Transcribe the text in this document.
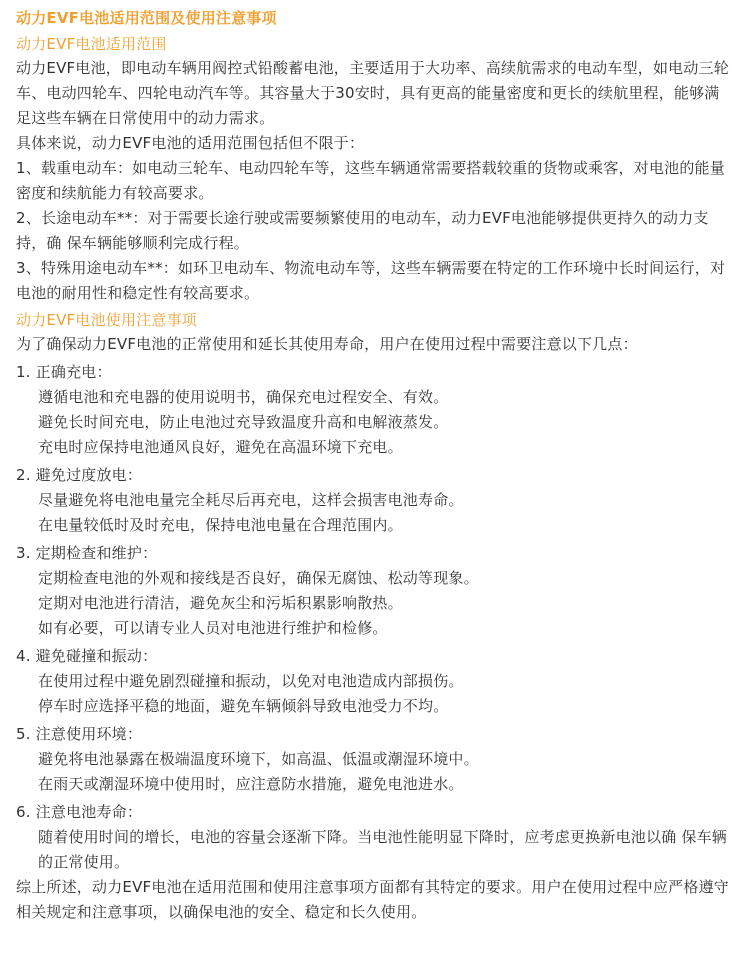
动力EVF电池适用范围及使用注意事项

动力EVF电池适用范围

动力EVF电池，即电动车辆用阀控式铅酸蓄电池，主要适用于大功率、高续航需求的电动车型，如电动三轮车、电动四轮车、四轮电动汽车等。其容量大于30安时，具有更高的能量密度和更长的续航里程，能够满足这些车辆在日常使用中的动力需求。

具体来说，动力EVF电池的适用范围包括但不限于：

1、载重电动车：如电动三轮车、电动四轮车等，这些车辆通常需要搭载较重的货物或乘客，对电池的能量密度和续航能力有较高要求。

2、长途电动车**：对于需要长途行驶或需要频繁使用的电动车，动力EVF电池能够提供更持久的动力支持，确 保车辆能够顺利完成行程。

3、特殊用途电动车**：如环卫电动车、物流电动车等，这些车辆需要在特定的工作环境中长时间运行，对电池的耐用性和稳定性有较高要求。

动力EVF电池使用注意事项

为了确保动力EVF电池的正常使用和延长其使用寿命，用户在使用过程中需要注意以下几点：

1. 正确充电：

遵循电池和充电器的使用说明书，确保充电过程安全、有效。

避免长时间充电，防止电池过充导致温度升高和电解液蒸发。

充电时应保持电池通风良好，避免在高温环境下充电。

2. 避免过度放电：

尽量避免将电池电量完全耗尽后再充电，这样会损害电池寿命。

在电量较低时及时充电，保持电池电量在合理范围内。

3. 定期检查和维护：

定期检查电池的外观和接线是否良好，确保无腐蚀、松动等现象。

定期对电池进行清洁，避免灰尘和污垢积累影响散热。

如有必要，可以请专业人员对电池进行维护和检修。

4. 避免碰撞和振动：

在使用过程中避免剧烈碰撞和振动，以免对电池造成内部损伤。

停车时应选择平稳的地面，避免车辆倾斜导致电池受力不均。

5. 注意使用环境：

避免将电池暴露在极端温度环境下，如高温、低温或潮湿环境中。

在雨天或潮湿环境中使用时，应注意防水措施，避免电池进水。

6. 注意电池寿命：

随着使用时间的增长，电池的容量会逐渐下降。当电池性能明显下降时，应考虑更换新电池以确 保车辆的正常使用。

综上所述，动力EVF电池在适用范围和使用注意事项方面都有其特定的要求。用户在使用过程中应严格遵守相关规定和注意事项，以确保电池的安全、稳定和长久使用。
